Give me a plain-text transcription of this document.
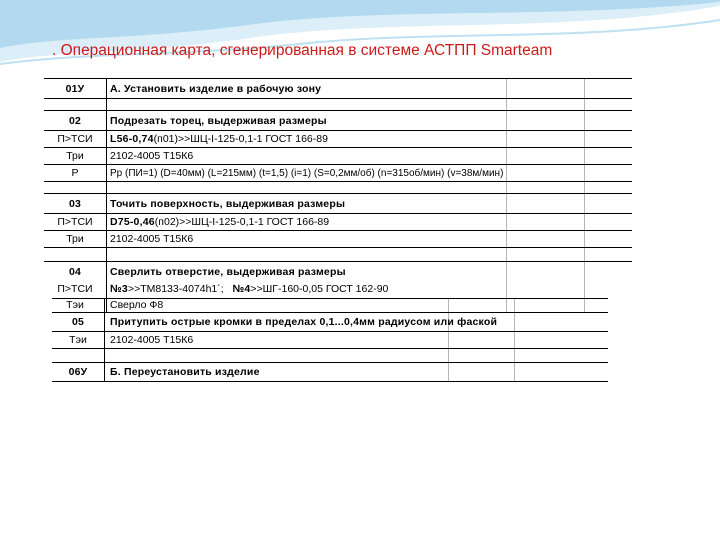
. Операционная карта, сгенерированная в системе АСТПП Smarteam
01У	А. Установить изделие в рабочую зону
02	Подрезать торец, выдерживая размеры
П>ТСИ	L56-0,74 (п01)>>ШЦ-I-125-0,1-1 ГОСТ 166-89
Три	2102-4005 Т15К6
Р	Рр (ПИ=1) (D=40мм) (L=215мм) (t=1,5) (i=1) (S=0,2мм/об) (n=315об/мин) (v=38м/мин)
03	Точить поверхность, выдерживая размеры
П>ТСИ	D75-0,46 (п02)>>ШЦ-I-125-0,1-1 ГОСТ 166-89
Три	2102-4005 Т15К6
04	Сверлить отверстие, выдерживая размеры
П>ТСИ	№3 >>ТМ8133-4074h1´;
№4 >>ШГ-160-0,05 ГОСТ 162-90
Тэи	Сверло Ф8
05	Притупить острые кромки в пределах 0,1...0,4мм радиусом или фаской
Тэи	2102-4005 Т15К6
06У	Б. Переустановить изделие
